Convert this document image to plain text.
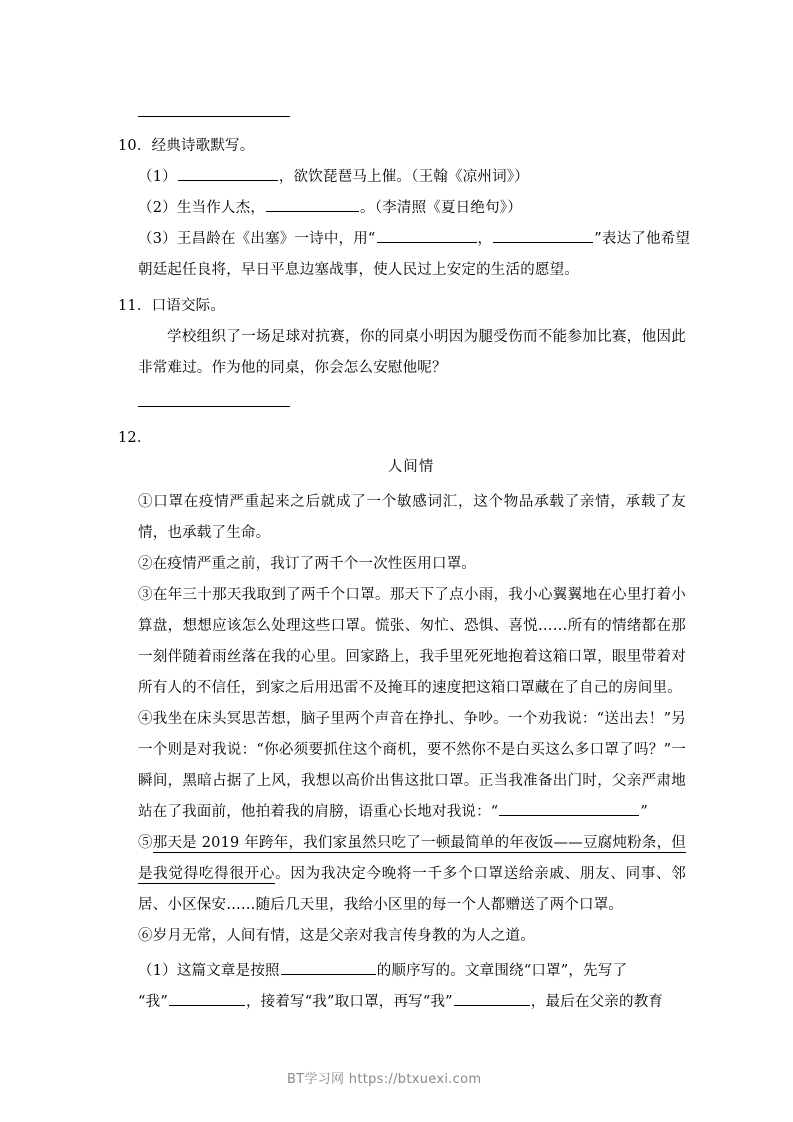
10．经典诗歌默写。
（1）	，欲饮琵琶马上催。（王翰《凉州词》）
（2）生当作人杰，	。（李清照《夏日绝句》）
（3）王昌龄在《出塞》一诗中，用“	，	”表达了他希望
朝廷起任良将，早日平息边塞战事，使人民过上安定的生活的愿望。
11．口语交际。
学校组织了一场足球对抗赛，你的同桌小明因为腿受伤而不能参加比赛，他因此非常难过。作为他的同桌，你会怎么安慰他呢？
12．
人间情
①口罩在疫情严重起来之后就成了一个敏感词汇，这个物品承载了亲情，承载了友情，也承载了生命。
②在疫情严重之前，我订了两千个一次性医用口罩。
③在年三十那天我取到了两千个口罩。那天下了点小雨，我小心翼翼地在心里打着小算盘，想想应该怎么处理这些口罩。慌张、匆忙、恐惧、喜悦……所有的情绪都在那一刻伴随着雨丝落在我的心里。回家路上，我手里死死地抱着这箱口罩，眼里带着对所有人的不信任，到家之后用迅雷不及掩耳的速度把这箱口罩藏在了自己的房间里。
④我坐在床头冥思苦想，脑子里两个声音在挣扎、争吵。一个劝我说：“送出去！”另一个则是对我说：“你必须要抓住这个商机，要不然你不是白买这么多口罩了吗？”一瞬间，黑暗占据了上风，我想以高价出售这批口罩。正当我准备出门时，父亲严肃地站在了我面前，他拍着我的肩膀，语重心长地对我说：“	”
⑤那天是 2019 年跨年，我们家虽然只吃了一顿最简单的年夜饭——豆腐炖粉条，但是我觉得吃得很开心。因为我决定今晚将一千多个口罩送给亲戚、朋友、同事、邻居、小区保安……随后几天里，我给小区里的每一个人都赠送了两个口罩。
⑥岁月无常，人间有情，这是父亲对我言传身教的为人之道。
（1）这篇文章是按照	的顺序写的。文章围绕“口罩”，先写了
“我”	，接着写“我”取口罩，再写“我”	，最后在父亲的教育
BT学习网 https://btxuexi.com
